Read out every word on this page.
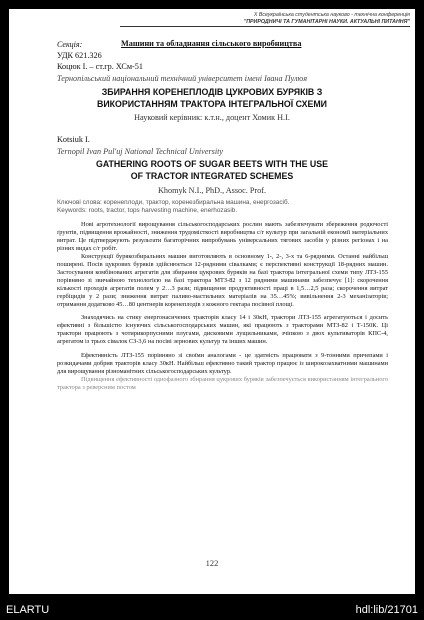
X Всеукраїнська студентська науково - технічна конференція
"ПРИРОДНИЧІ ТА ГУМАНІТАРНІ НАУКИ. АКТУАЛЬНІ ПИТАННЯ"
Секція:	Машини та обладнання сільського виробництва
УДК 621.326
Коцюк І. – ст.гр. ХСм-51
Тернопільський національний технічний університет імені Івана Пулюя
ЗБИРАННЯ КОРЕНЕПЛОДІВ ЦУКРОВИХ БУРЯКІВ З
ВИКОРИСТАННЯМ ТРАКТОРА ІНТЕГРАЛЬНОЇ СХЕМИ
Науковий керівник: к.т.н., доцент Хомик Н.І.
Kotsiuk I.
Ternopil Ivan Pul'uj National Technical University
GATHERING ROOTS OF SUGAR BEETS WITH THE USE
OF TRACTOR INTEGRATED SCHEMES
Khomyk N.I., PhD., Assoc. Prof.
Ключові слова: коренеплоди, трактор, коренезбиральна машина, енергозасіб.
Keywords: roots, tractor, tops harvesting machine, enerhozasib.

Нові агротехнології вирощування сільськогосподарських рослин мають забезпечувати збереження родючості ґрунтів, підвищення врожайності, зниження трудомісткості виробництва с/г культур при загальній економії матеріальних витрат. Це підтверджують результати багаторічних випробувань універсальних тягових засобів у різних регіонах і на різних видах с/г робіт.

Конструкції бурякозбиральних машин виготовляють в основному 1-, 2-, 3-х та 6-рядними. Останні найбільш поширені. Посів цукрових буряків здійснюється 12-рядними сівалками; є перспективні конструкції 18-рядних машин. Застосування комбінованих агрегатів для збирання цукрових буряків на базі трактора інтегральної схеми типу ЛТЗ-155 порівняно зі звичайною технологією на базі трактора МТЗ-82 з 12 рядними машинами забезпечує [1]: скорочення кількості проходів агрегатів полем у 2…3 рази; підвищення продуктивності праці в 1,5…2,5 раза; скорочення витрат гербіцидів у 2 рази; зниження витрат паливо-мастильних матеріалів на 35…45%; вивільнення 2-3 механізаторів; отримання додатково 45…80 центнерів коренеплодів з кожного гектара посівної площі.

Знаходячись на стику енергонасичених тракторів класу 14 і 30кН, трактори ЛТЗ-155 агрегатуються і досить ефективні з більшістю існуючих сільськогосподарських машин, які працюють з тракторами МТЗ-82 і Т-150К. Ці трактори працюють з чотирикорпусними плугами, дисковими лущильниками, зчіпкою з двох культиваторів КПС-4, агрегатом із трьох сівалок СЗ-3,6 на посіві зернових культур та інших машин.

Ефективність ЛТЗ-155 порівняно зі своїми аналогами - це здатність працювати з 9-тонними причепами і розкидачами добрив тракторів класу 30кН. Найбільш ефективно такий трактор працює із широкозахватними машинами для вирощування різноманітних сільськогосподарських культур.

Підвищення ефективності однофазного збирання цукрових буряків забезпечується використанням інтегрального трактора з реверсним постом

122
ELARTU	hdl:lib/21701
